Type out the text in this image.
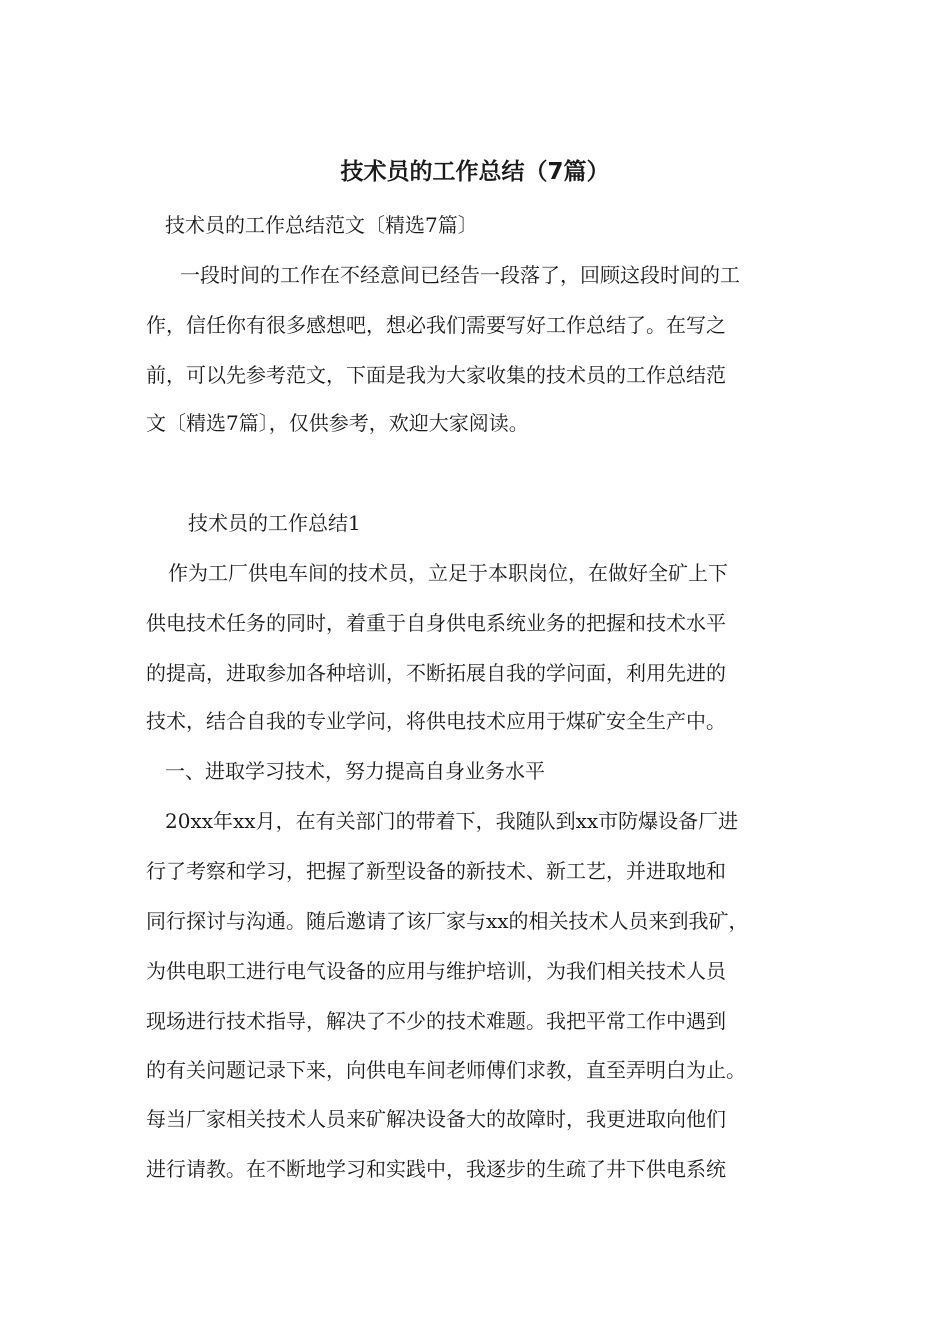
技术员的工作总结（7篇）

技术员的工作总结范文〔精选7篇〕

一段时间的工作在不经意间已经告一段落了，回顾这段时间的工

作，信任你有很多感想吧，想必我们需要写好工作总结了。在写之

前，可以先参考范文，下面是我为大家收集的技术员的工作总结范

文〔精选7篇〕，仅供参考，欢迎大家阅读。

技术员的工作总结1

作为工厂供电车间的技术员，立足于本职岗位，在做好全矿上下

供电技术任务的同时，着重于自身供电系统业务的把握和技术水平

的提高，进取参加各种培训，不断拓展自我的学问面，利用先进的

技术，结合自我的专业学问，将供电技术应用于煤矿安全生产中。

一、进取学习技术，努力提高自身业务水平

20xx年xx月，在有关部门的带着下，我随队到xx市防爆设备厂进

行了考察和学习，把握了新型设备的新技术、新工艺，并进取地和

同行探讨与沟通。随后邀请了该厂家与xx的相关技术人员来到我矿，

为供电职工进行电气设备的应用与维护培训，为我们相关技术人员

现场进行技术指导，解决了不少的技术难题。我把平常工作中遇到

的有关问题记录下来，向供电车间老师傅们求教，直至弄明白为止。

每当厂家相关技术人员来矿解决设备大的故障时，我更进取向他们

进行请教。在不断地学习和实践中，我逐步的生疏了井下供电系统
